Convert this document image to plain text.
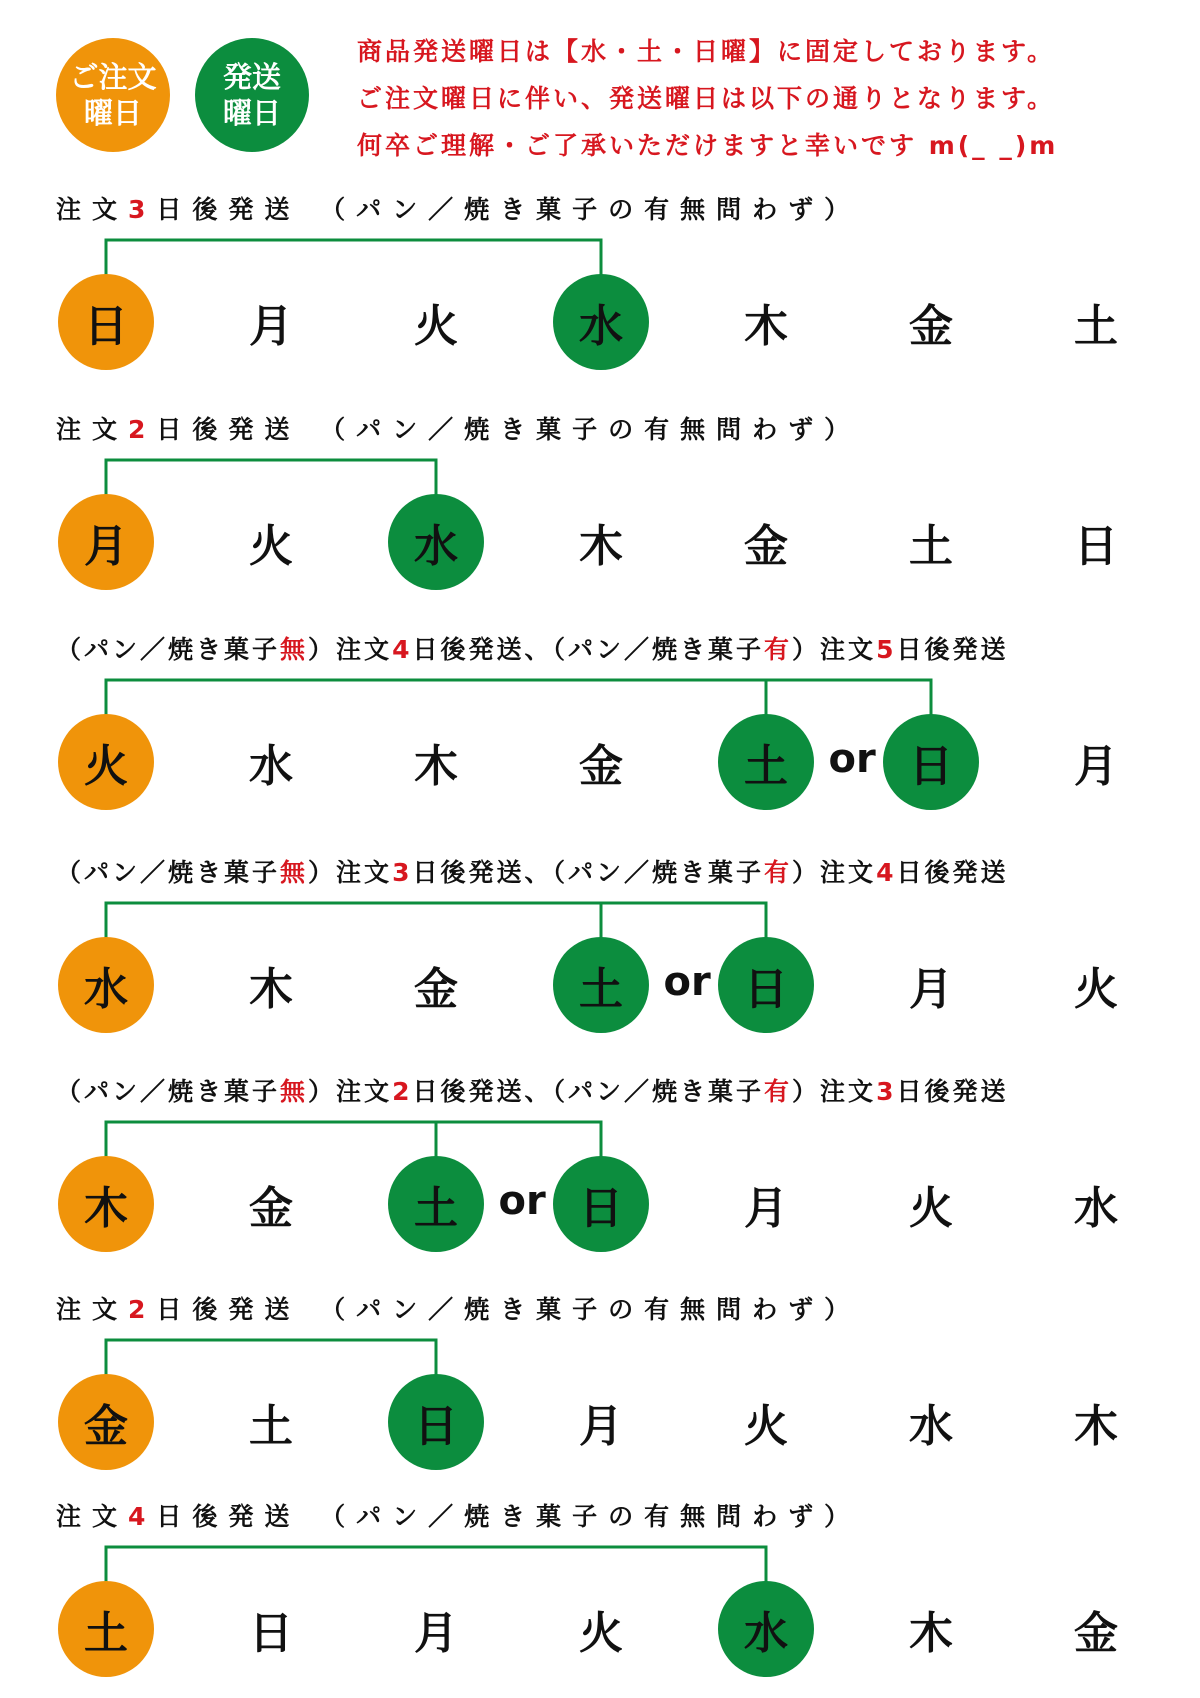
ご注文
曜日
発送
曜日
商品発送曜日は【水・土・日曜】に固定しております。
ご注文曜日に伴い、発送曜日は以下の通りとなります。
何卒ご理解・ご了承いただけますと幸いです m(_ _)m
注文3日後発送 （パン／焼き菓子の有無問わず）
日	月	火	水	木	金	土
注文2日後発送 （パン／焼き菓子の有無問わず）
月	火	水	木	金	土	日
（パン／焼き菓子無）注文4日後発送、（パン／焼き菓子有）注文5日後発送
火	水	木	金	土	日	月
or
（パン／焼き菓子無）注文3日後発送、（パン／焼き菓子有）注文4日後発送
水	木	金	土	日	月	火
or
（パン／焼き菓子無）注文2日後発送、（パン／焼き菓子有）注文3日後発送
木	金	土	日	月	火	水
or
注文2日後発送 （パン／焼き菓子の有無問わず）
金	土	日	月	火	水	木
注文4日後発送 （パン／焼き菓子の有無問わず）
土	日	月	火	水	木	金
